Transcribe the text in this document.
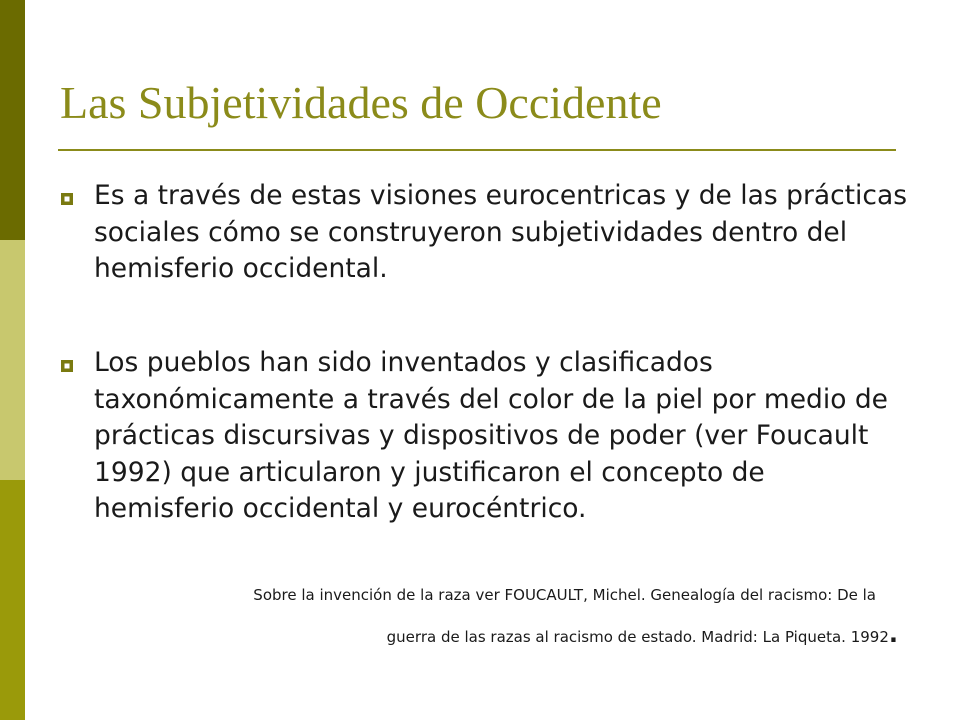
Las Subjetividades de Occidente
Es a través de estas visiones eurocentricas y de las prácticas sociales cómo se construyeron subjetividades dentro del hemisferio occidental.
Los pueblos han sido inventados y clasificados taxonómicamente a través del color de la piel por medio de prácticas discursivas y dispositivos de poder (ver Foucault 1992) que articularon y justificaron el concepto de hemisferio occidental y eurocéntrico.
Sobre la invención de la raza ver FOUCAULT, Michel. Genealogía del racismo: De la
guerra de las razas al racismo de estado. Madrid: La Piqueta. 1992.
